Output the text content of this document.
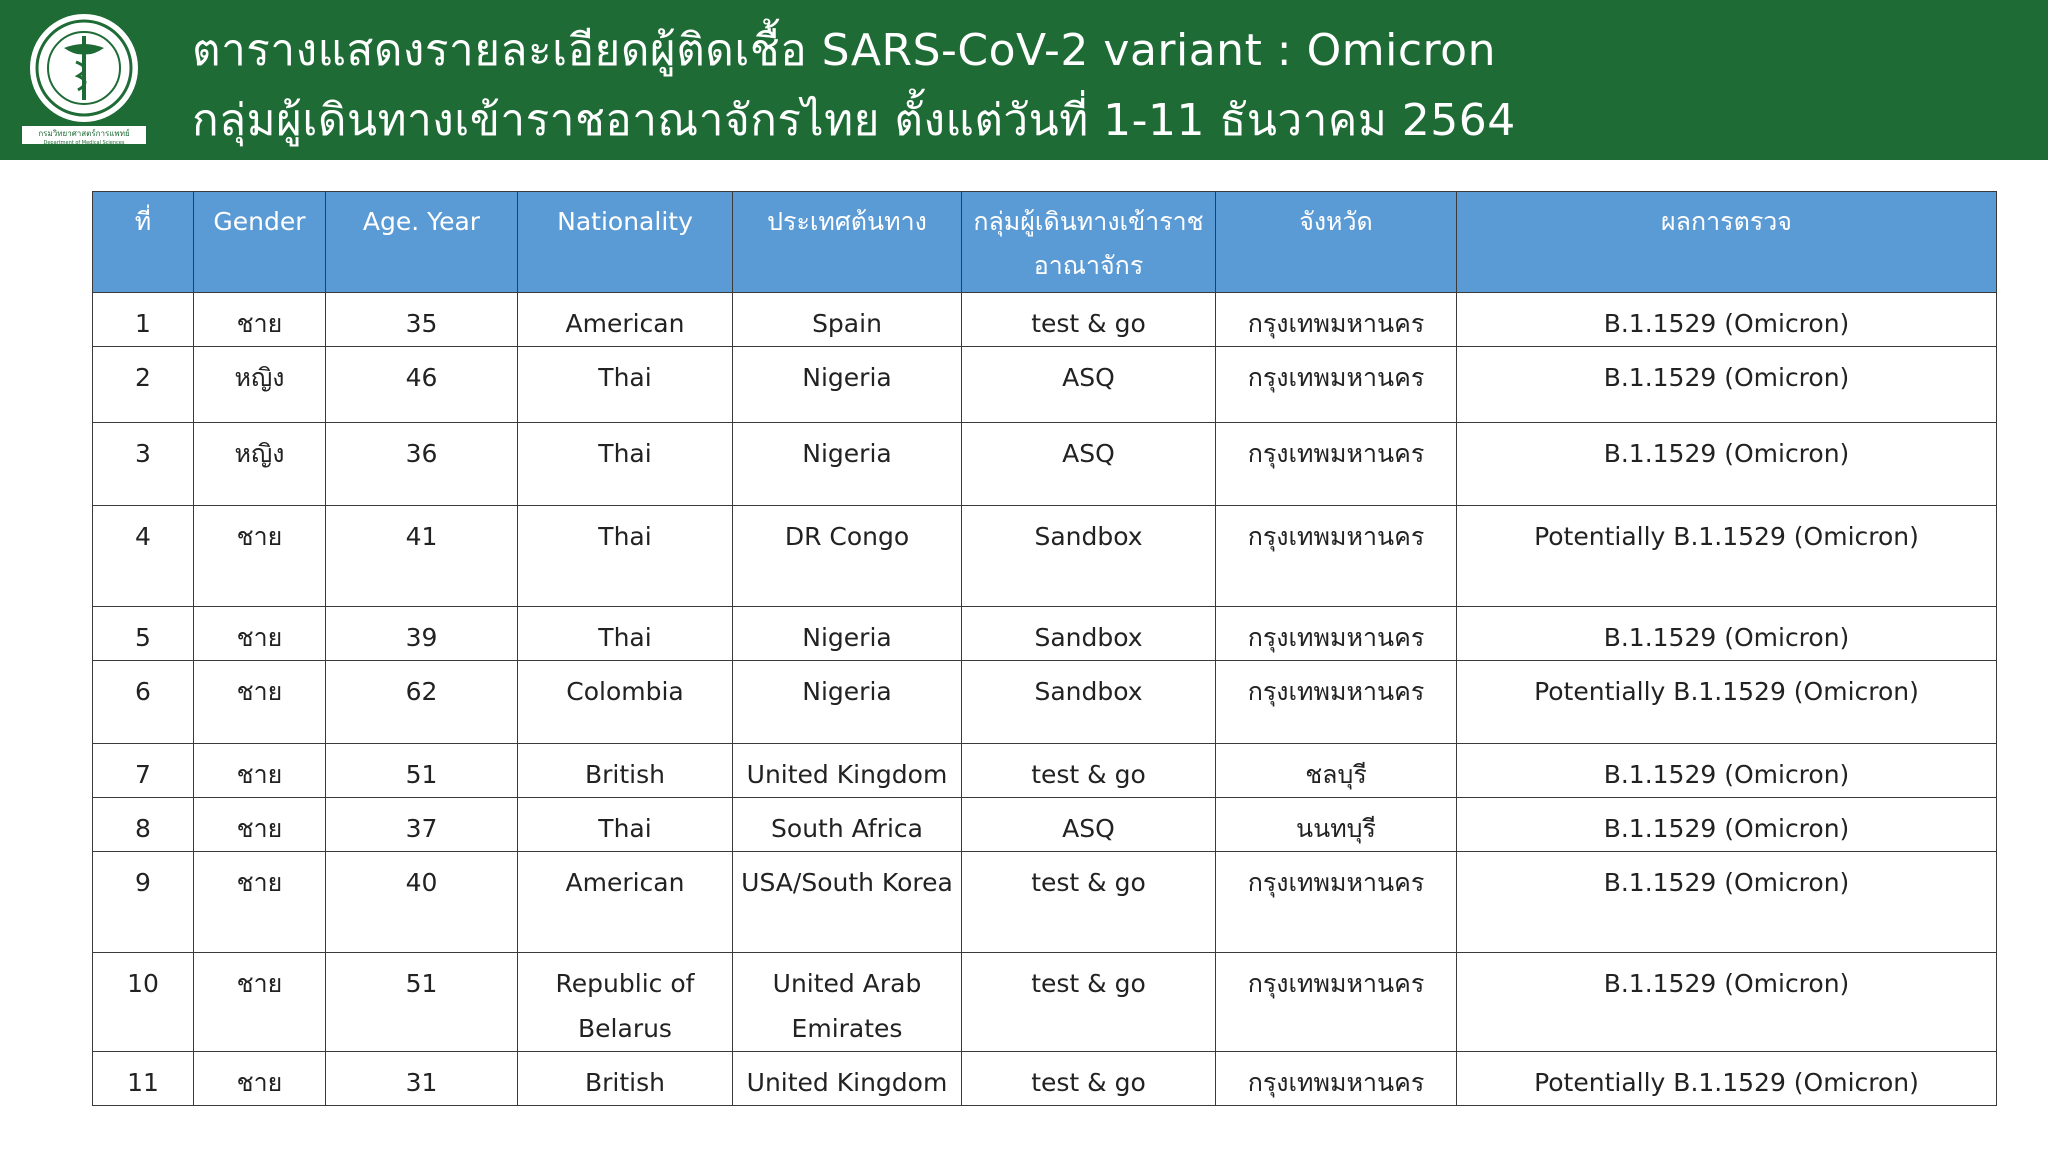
กรมวิทยาศาสตร์การแพทย์
Department of Medical Sciences
ตารางแสดงรายละเอียดผู้ติดเชื้อ SARS-CoV-2 variant : Omicron
กลุ่มผู้เดินทางเข้าราชอาณาจักรไทย ตั้งแต่วันที่ 1-11 ธันวาคม 2564
ที่	Gender	Age. Year	Nationality	ประเทศต้นทาง	กลุ่มผู้เดินทางเข้าราชอาณาจักร	จังหวัด	ผลการตรวจ
1	ชาย	35	American	Spain	test & go	กรุงเทพมหานคร	B.1.1529 (Omicron)
2	หญิง	46	Thai	Nigeria	ASQ	กรุงเทพมหานคร	B.1.1529 (Omicron)
3	หญิง	36	Thai	Nigeria	ASQ	กรุงเทพมหานคร	B.1.1529 (Omicron)
4	ชาย	41	Thai	DR Congo	Sandbox	กรุงเทพมหานคร	Potentially B.1.1529 (Omicron)
5	ชาย	39	Thai	Nigeria	Sandbox	กรุงเทพมหานคร	B.1.1529 (Omicron)
6	ชาย	62	Colombia	Nigeria	Sandbox	กรุงเทพมหานคร	Potentially B.1.1529 (Omicron)
7	ชาย	51	British	United Kingdom	test & go	ชลบุรี	B.1.1529 (Omicron)
8	ชาย	37	Thai	South Africa	ASQ	นนทบุรี	B.1.1529 (Omicron)
9	ชาย	40	American	USA/South Korea	test & go	กรุงเทพมหานคร	B.1.1529 (Omicron)
10	ชาย	51	Republic of Belarus	United Arab Emirates	test & go	กรุงเทพมหานคร	B.1.1529 (Omicron)
11	ชาย	31	British	United Kingdom	test & go	กรุงเทพมหานคร	Potentially B.1.1529 (Omicron)
